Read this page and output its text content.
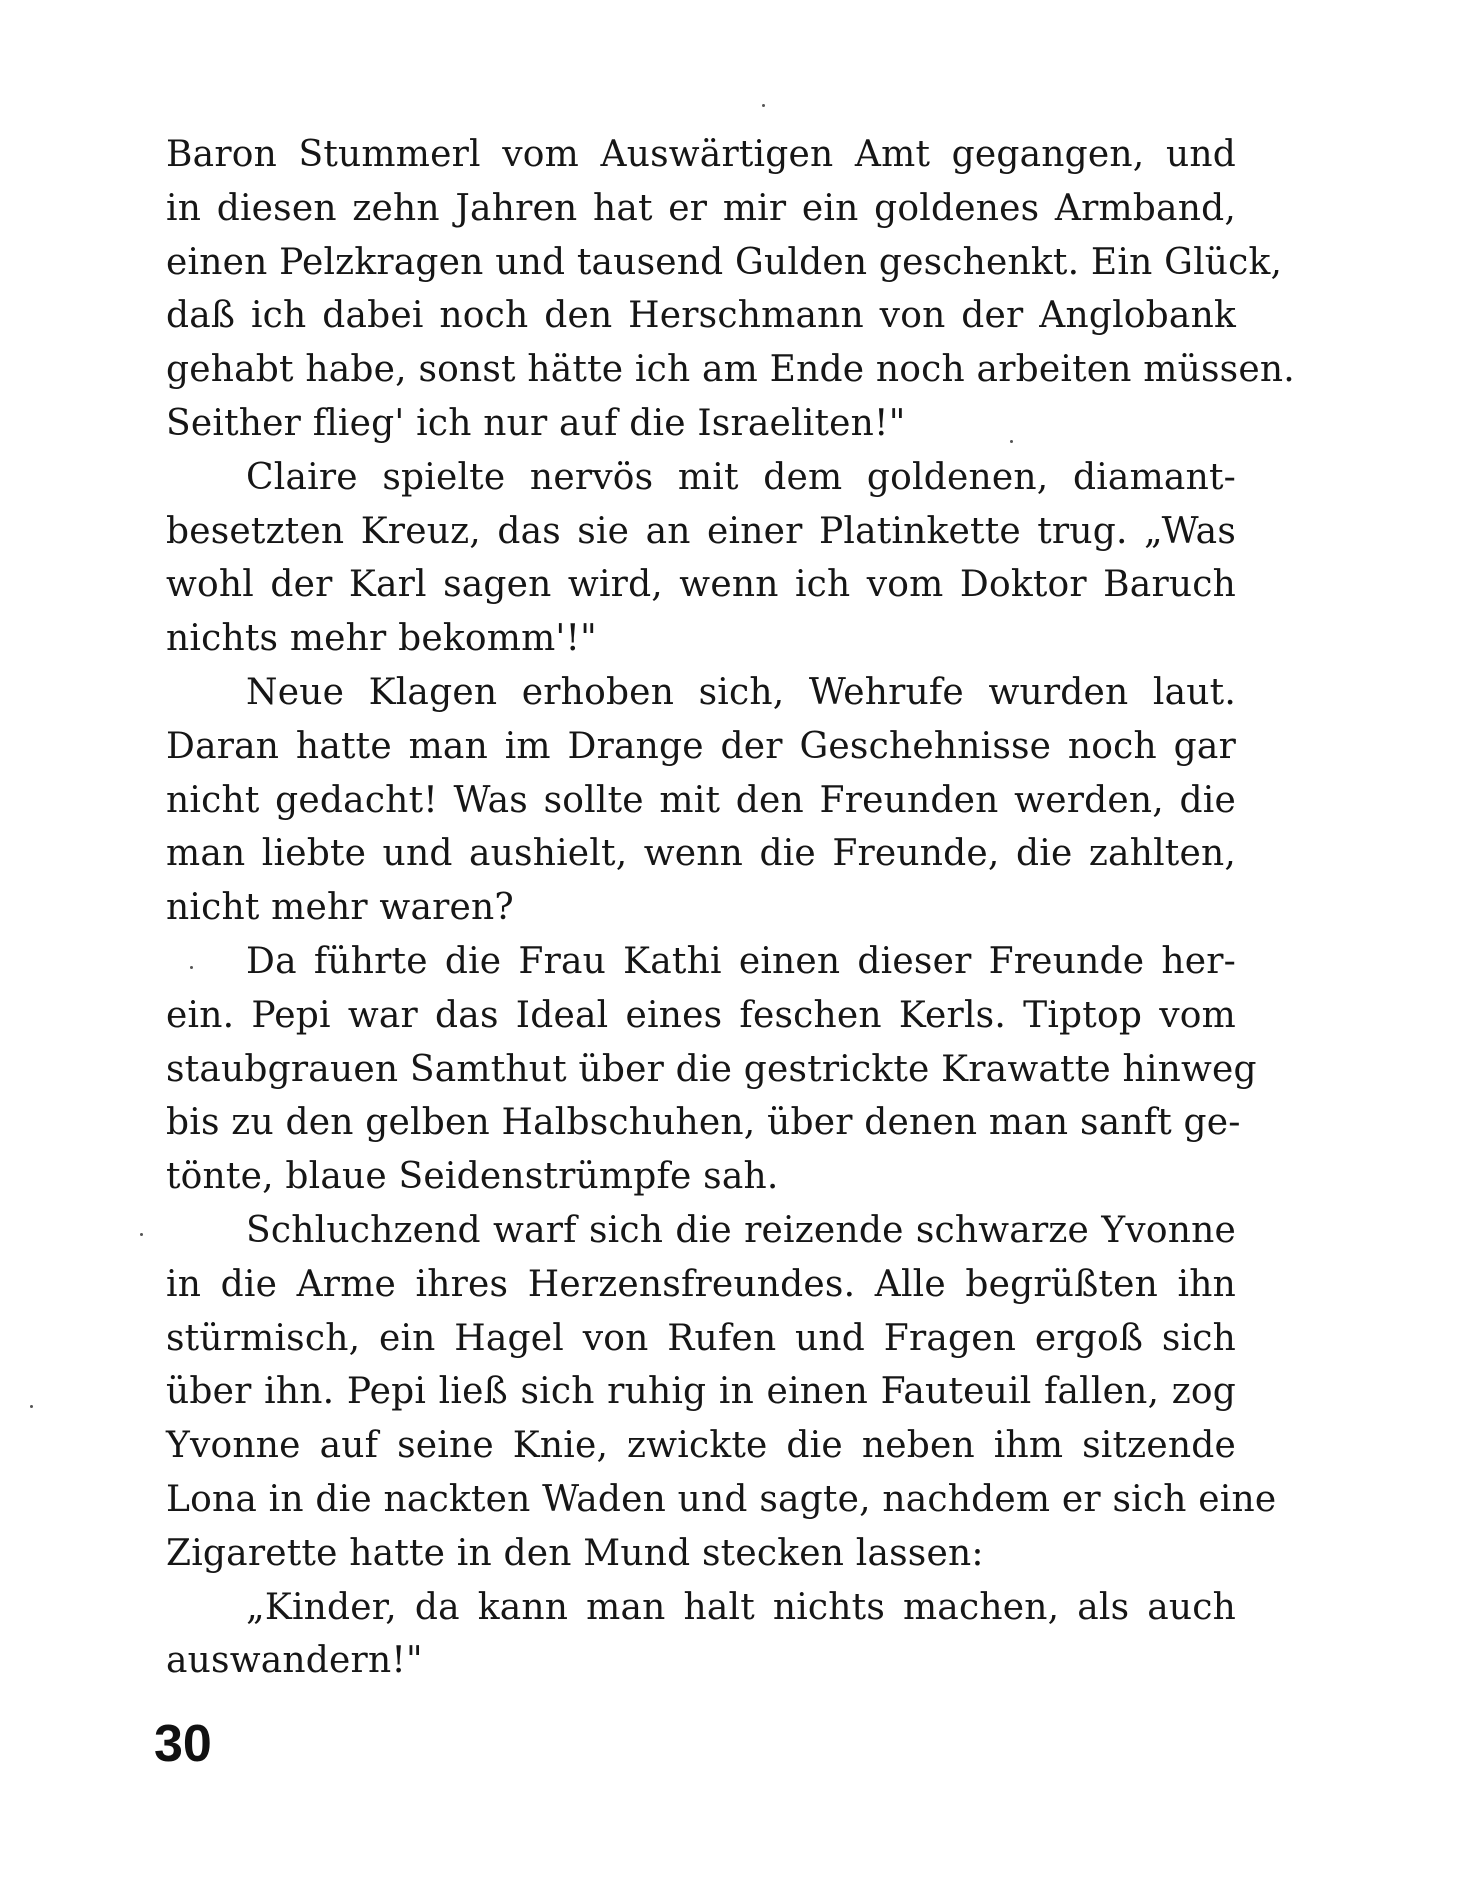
Baron Stummerl vom Auswärtigen Amt gegangen, und
in diesen zehn Jahren hat er mir ein goldenes Armband,
einen Pelzkragen und tausend Gulden geschenkt. Ein Glück,
daß ich dabei noch den Herschmann von der Anglobank
gehabt habe, sonst hätte ich am Ende noch arbeiten müssen.
Seither flieg' ich nur auf die Israeliten!"
Claire spielte nervös mit dem goldenen, diamant-
besetzten Kreuz, das sie an einer Platinkette trug. „Was
wohl der Karl sagen wird, wenn ich vom Doktor Baruch
nichts mehr bekomm'!"
Neue Klagen erhoben sich, Wehrufe wurden laut.
Daran hatte man im Drange der Geschehnisse noch gar
nicht gedacht! Was sollte mit den Freunden werden, die
man liebte und aushielt, wenn die Freunde, die zahlten,
nicht mehr waren?
Da führte die Frau Kathi einen dieser Freunde her-
ein. Pepi war das Ideal eines feschen Kerls. Tiptop vom
staubgrauen Samthut über die gestrickte Krawatte hinweg
bis zu den gelben Halbschuhen, über denen man sanft ge-
tönte, blaue Seidenstrümpfe sah.
Schluchzend warf sich die reizende schwarze Yvonne
in die Arme ihres Herzensfreundes. Alle begrüßten ihn
stürmisch, ein Hagel von Rufen und Fragen ergoß sich
über ihn. Pepi ließ sich ruhig in einen Fauteuil fallen, zog
Yvonne auf seine Knie, zwickte die neben ihm sitzende
Lona in die nackten Waden und sagte, nachdem er sich eine
Zigarette hatte in den Mund stecken lassen:
„Kinder, da kann man halt nichts machen, als auch
auswandern!"
30
